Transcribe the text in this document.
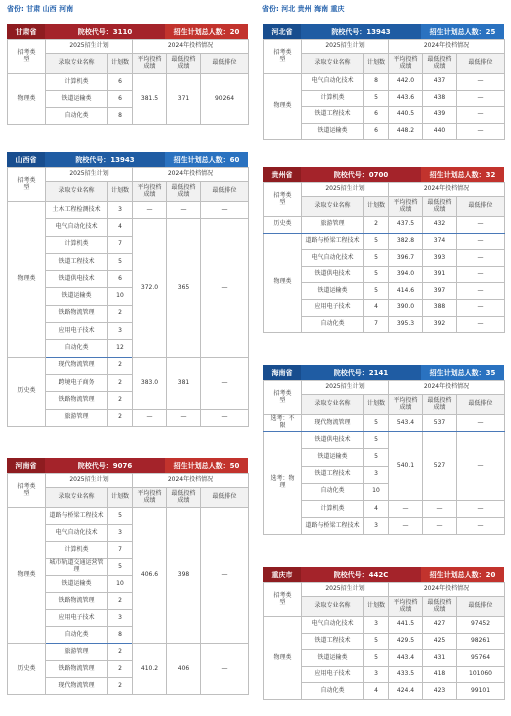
省份: 甘肃 山西 河南	省份: 河北 贵州 海南 重庆
甘肃省	院校代号：3110	招生计划总人数：20
招考类型	2025招生计划		2024年投档情况		
	录取专业名称	计划数	平均投档成绩	最低投档成绩	最低排位
物理类	计算机类	6	381.5	371	90264
	铁道运输类	6			
	自动化类	8			
山西省	院校代号：13943	招生计划总人数：60
招考类型	2025招生计划		2024年投档情况		
	录取专业名称	计划数	平均投档成绩	最低投档成绩	最低排位
物理类	土木工程检测技术	3	—	—	—
	电气自动化技术	4	372.0	365	—
	计算机类	7			
	铁道工程技术	5			
	铁道供电技术	6			
	铁道运输类	10			
	铁路物流管理	2			
	应用电子技术	3			
	自动化类	12			
历史类	现代物流管理	2	383.0	381	—
	跨境电子商务	2			
	铁路物流管理	2			
	旅游管理	2	—	—	—
河南省	院校代号：9076	招生计划总人数：50
招考类型	2025招生计划		2024年投档情况		
	录取专业名称	计划数	平均投档成绩	最低投档成绩	最低排位
物理类	道路与桥梁工程技术	5	406.6	398	—
	电气自动化技术	3			
	计算机类	7			
	城市轨道交通运营管理	5			
	铁道运输类	10			
	铁路物流管理	2			
	应用电子技术	3			
	自动化类	8			
历史类	旅游管理	2	410.2	406	—
	铁路物流管理	2			
	现代物流管理	2			
河北省	院校代号：13943	招生计划总人数：25
招考类型	2025招生计划		2024年投档情况		
	录取专业名称	计划数	平均投档成绩	最低投档成绩	最低排位
物理类	电气自动化技术	8	442.0	437	—
	计算机类	5	443.6	438	—
	铁道工程技术	6	440.5	439	—
	铁道运输类	6	448.2	440	—
贵州省	院校代号：0700	招生计划总人数：32
招考类型	2025招生计划		2024年投档情况		
	录取专业名称	计划数	平均投档成绩	最低投档成绩	最低排位
历史类	旅游管理	2	437.5	432	—
物理类	道路与桥梁工程技术	5	382.8	374	—
	电气自动化技术	5	396.7	393	—
	铁道供电技术	5	394.0	391	—
	铁道运输类	5	414.6	397	—
	应用电子技术	4	390.0	388	—
	自动化类	7	395.3	392	—
海南省	院校代号：2141	招生计划总人数：35
招考类型	2025招生计划		2024年投档情况		
	录取专业名称	计划数	平均投档成绩	最低投档成绩	最低排位
选考：不限	现代物流管理	5	543.4	537	—
选考：物理	铁道供电技术	5	540.1	527	—
	铁道运输类	5			
	铁道工程技术	3			
	自动化类	10			
	计算机类	4	—	—	—
	道路与桥梁工程技术	3	—	—	—
重庆市	院校代号：442C	招生计划总人数：20
招考类型	2025招生计划		2024年投档情况		
	录取专业名称	计划数	平均投档成绩	最低投档成绩	最低排位
物理类	电气自动化技术	3	441.5	427	97452
	铁道工程技术	5	429.5	425	98261
	铁道运输类	5	443.4	431	95764
	应用电子技术	3	433.5	418	101060
	自动化类	4	424.4	423	99101
